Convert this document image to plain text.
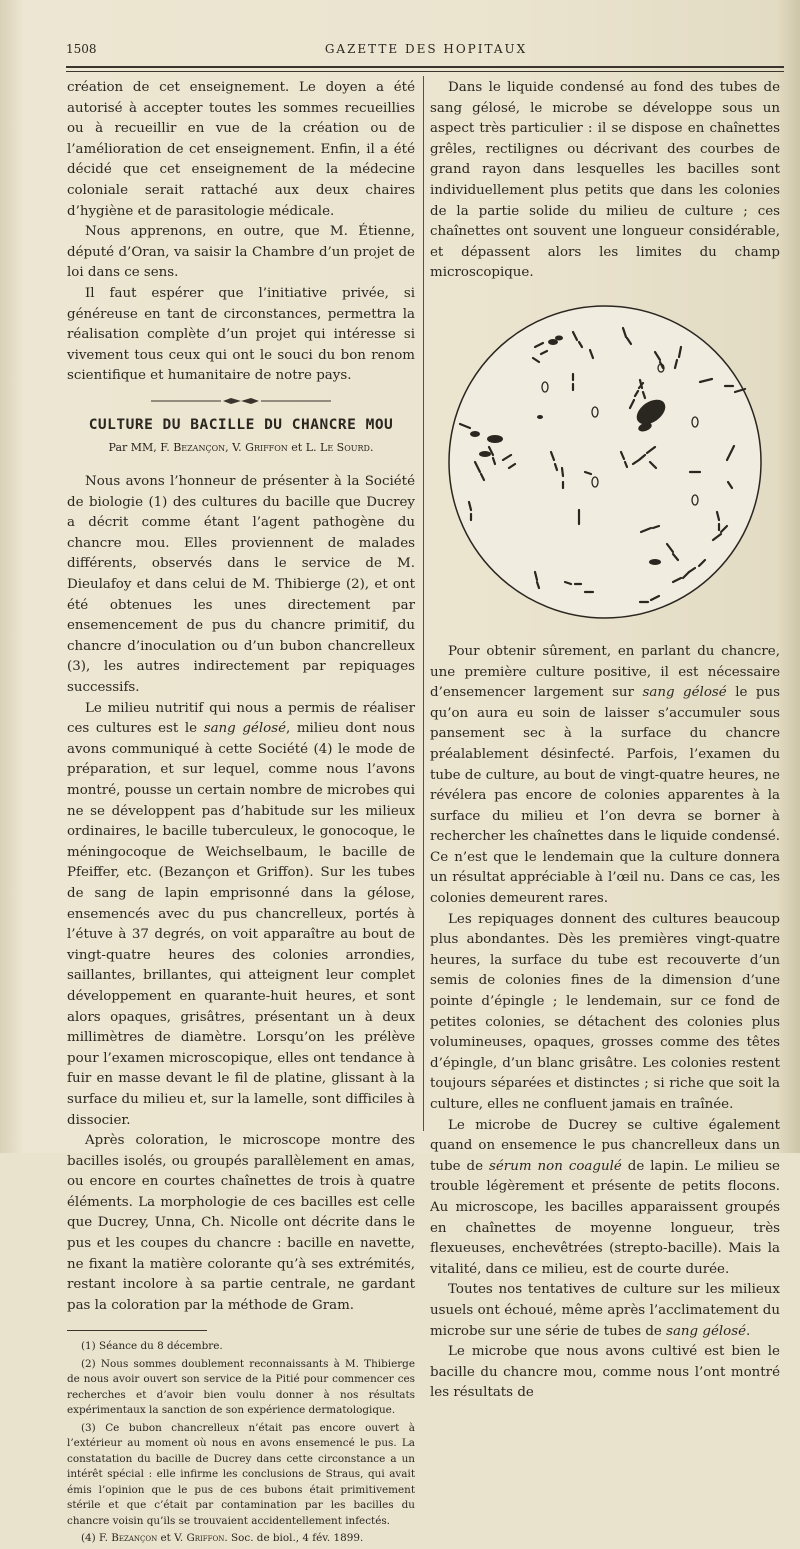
1508	GAZETTE DES HOPITAUX

création de cet enseignement. Le doyen a été autorisé à accepter toutes les sommes recueillies ou à recueillir en vue de la création ou de l’amélioration de cet enseignement. Enfin, il a été décidé que cet enseignement de la médecine coloniale serait rattaché aux deux chaires d’hygiène et de parasitologie médicale.

Nous apprenons, en outre, que M. Étienne, député d’Oran, va saisir la Chambre d’un projet de loi dans ce sens.

Il faut espérer que l’initiative privée, si généreuse en tant de circonstances, permettra la réalisation complète d’un projet qui intéresse si vivement tous ceux qui ont le souci du bon renom scientifique et humanitaire de notre pays.

CULTURE DU BACILLE DU CHANCRE MOU
Par MM, F. Bezançon, V. Griffon et L. Le Sourd.

Nous avons l’honneur de présenter à la Société de biologie (1) des cultures du bacille que Ducrey a décrit comme étant l’agent pathogène du chancre mou. Elles proviennent de malades différents, observés dans le service de M. Dieulafoy et dans celui de M. Thibierge (2), et ont été obtenues les unes directement par ensemencement de pus du chancre primitif, du chancre d’inoculation ou d’un bubon chancrelleux (3), les autres indirectement par repiquages successifs.

Le milieu nutritif qui nous a permis de réaliser ces cultures est le sang gélosé, milieu dont nous avons communiqué à cette Société (4) le mode de préparation, et sur lequel, comme nous l’avons montré, pousse un certain nombre de microbes qui ne se développent pas d’habitude sur les milieux ordinaires, le bacille tuberculeux, le gonocoque, le méningocoque de Weichselbaum, le bacille de Pfeiffer, etc. (Bezançon et Griffon). Sur les tubes de sang de lapin emprisonné dans la gélose, ensemencés avec du pus chancrelleux, portés à l’étuve à 37 degrés, on voit apparaître au bout de vingt-quatre heures des colonies arrondies, saillantes, brillantes, qui atteignent leur complet développement en quarante-huit heures, et sont alors opaques, grisâtres, présentant un à deux millimètres de diamètre. Lorsqu’on les prélève pour l’examen microscopique, elles ont tendance à fuir en masse devant le fil de platine, glissant à la surface du milieu et, sur la lamelle, sont difficiles à dissocier.

Après coloration, le microscope montre des bacilles isolés, ou groupés parallèlement en amas, ou encore en courtes chaînettes de trois à quatre éléments. La morphologie de ces bacilles est celle que Ducrey, Unna, Ch. Nicolle ont décrite dans le pus et les coupes du chancre : bacille en navette, ne fixant la matière colorante qu’à ses extrémités, restant incolore à sa partie centrale, ne gardant pas la coloration par la méthode de Gram.

(1) Séance du 8 décembre.

(2) Nous sommes doublement reconnaissants à M. Thibierge de nous avoir ouvert son service de la Pitié pour commencer ces recherches et d’avoir bien voulu donner à nos résultats expérimentaux la sanction de son expérience dermatologique.

(3) Ce bubon chancrelleux n’était pas encore ouvert à l’extérieur au moment où nous en avons ensemencé le pus. La constatation du bacille de Ducrey dans cette circonstance a un intérêt spécial : elle infirme les conclusions de Straus, qui avait émis l’opinion que le pus de ces bubons était primitivement stérile et que c’était par contamination par les bacilles du chancre voisin qu’ils se trouvaient accidentellement infectés.

(4) F. Bezançon et V. Griffon. Soc. de biol., 4 fév. 1899.

Dans le liquide condensé au fond des tubes de sang gélosé, le microbe se développe sous un aspect très particulier : il se dispose en chaînettes grêles, rectilignes ou décrivant des courbes de grand rayon dans lesquelles les bacilles sont individuellement plus petits que dans les colonies de la partie solide du milieu de culture ; ces chaînettes ont souvent une longueur considérable, et dépassent alors les limites du champ microscopique.

Pour obtenir sûrement, en parlant du chancre, une première culture positive, il est nécessaire d’ensemencer largement sur sang gélosé le pus qu’on aura eu soin de laisser s’accumuler sous pansement sec à la surface du chancre préalablement désinfecté. Parfois, l’examen du tube de culture, au bout de vingt-quatre heures, ne révélera pas encore de colonies apparentes à la surface du milieu et l’on devra se borner à rechercher les chaînettes dans le liquide condensé. Ce n’est que le lendemain que la culture donnera un résultat appréciable à l’œil nu. Dans ce cas, les colonies demeurent rares.

Les repiquages donnent des cultures beaucoup plus abondantes. Dès les premières vingt-quatre heures, la surface du tube est recouverte d’un semis de colonies fines de la dimension d’une pointe d’épingle ; le lendemain, sur ce fond de petites colonies, se détachent des colonies plus volumineuses, opaques, grosses comme des têtes d’épingle, d’un blanc grisâtre. Les colonies restent toujours séparées et distinctes ; si riche que soit la culture, elles ne confluent jamais en traînée.

Le microbe de Ducrey se cultive également quand on ensemence le pus chancrelleux dans un tube de sérum non coagulé de lapin. Le milieu se trouble légèrement et présente de petits flocons. Au microscope, les bacilles apparaissent groupés en chaînettes de moyenne longueur, très flexueuses, enchevêtrées (strepto-bacille). Mais la vitalité, dans ce milieu, est de courte durée.

Toutes nos tentatives de culture sur les milieux usuels ont échoué, même après l’acclimatement du microbe sur une série de tubes de sang gélosé.

Le microbe que nous avons cultivé est bien le bacille du chancre mou, comme nous l’ont montré les résultats de
